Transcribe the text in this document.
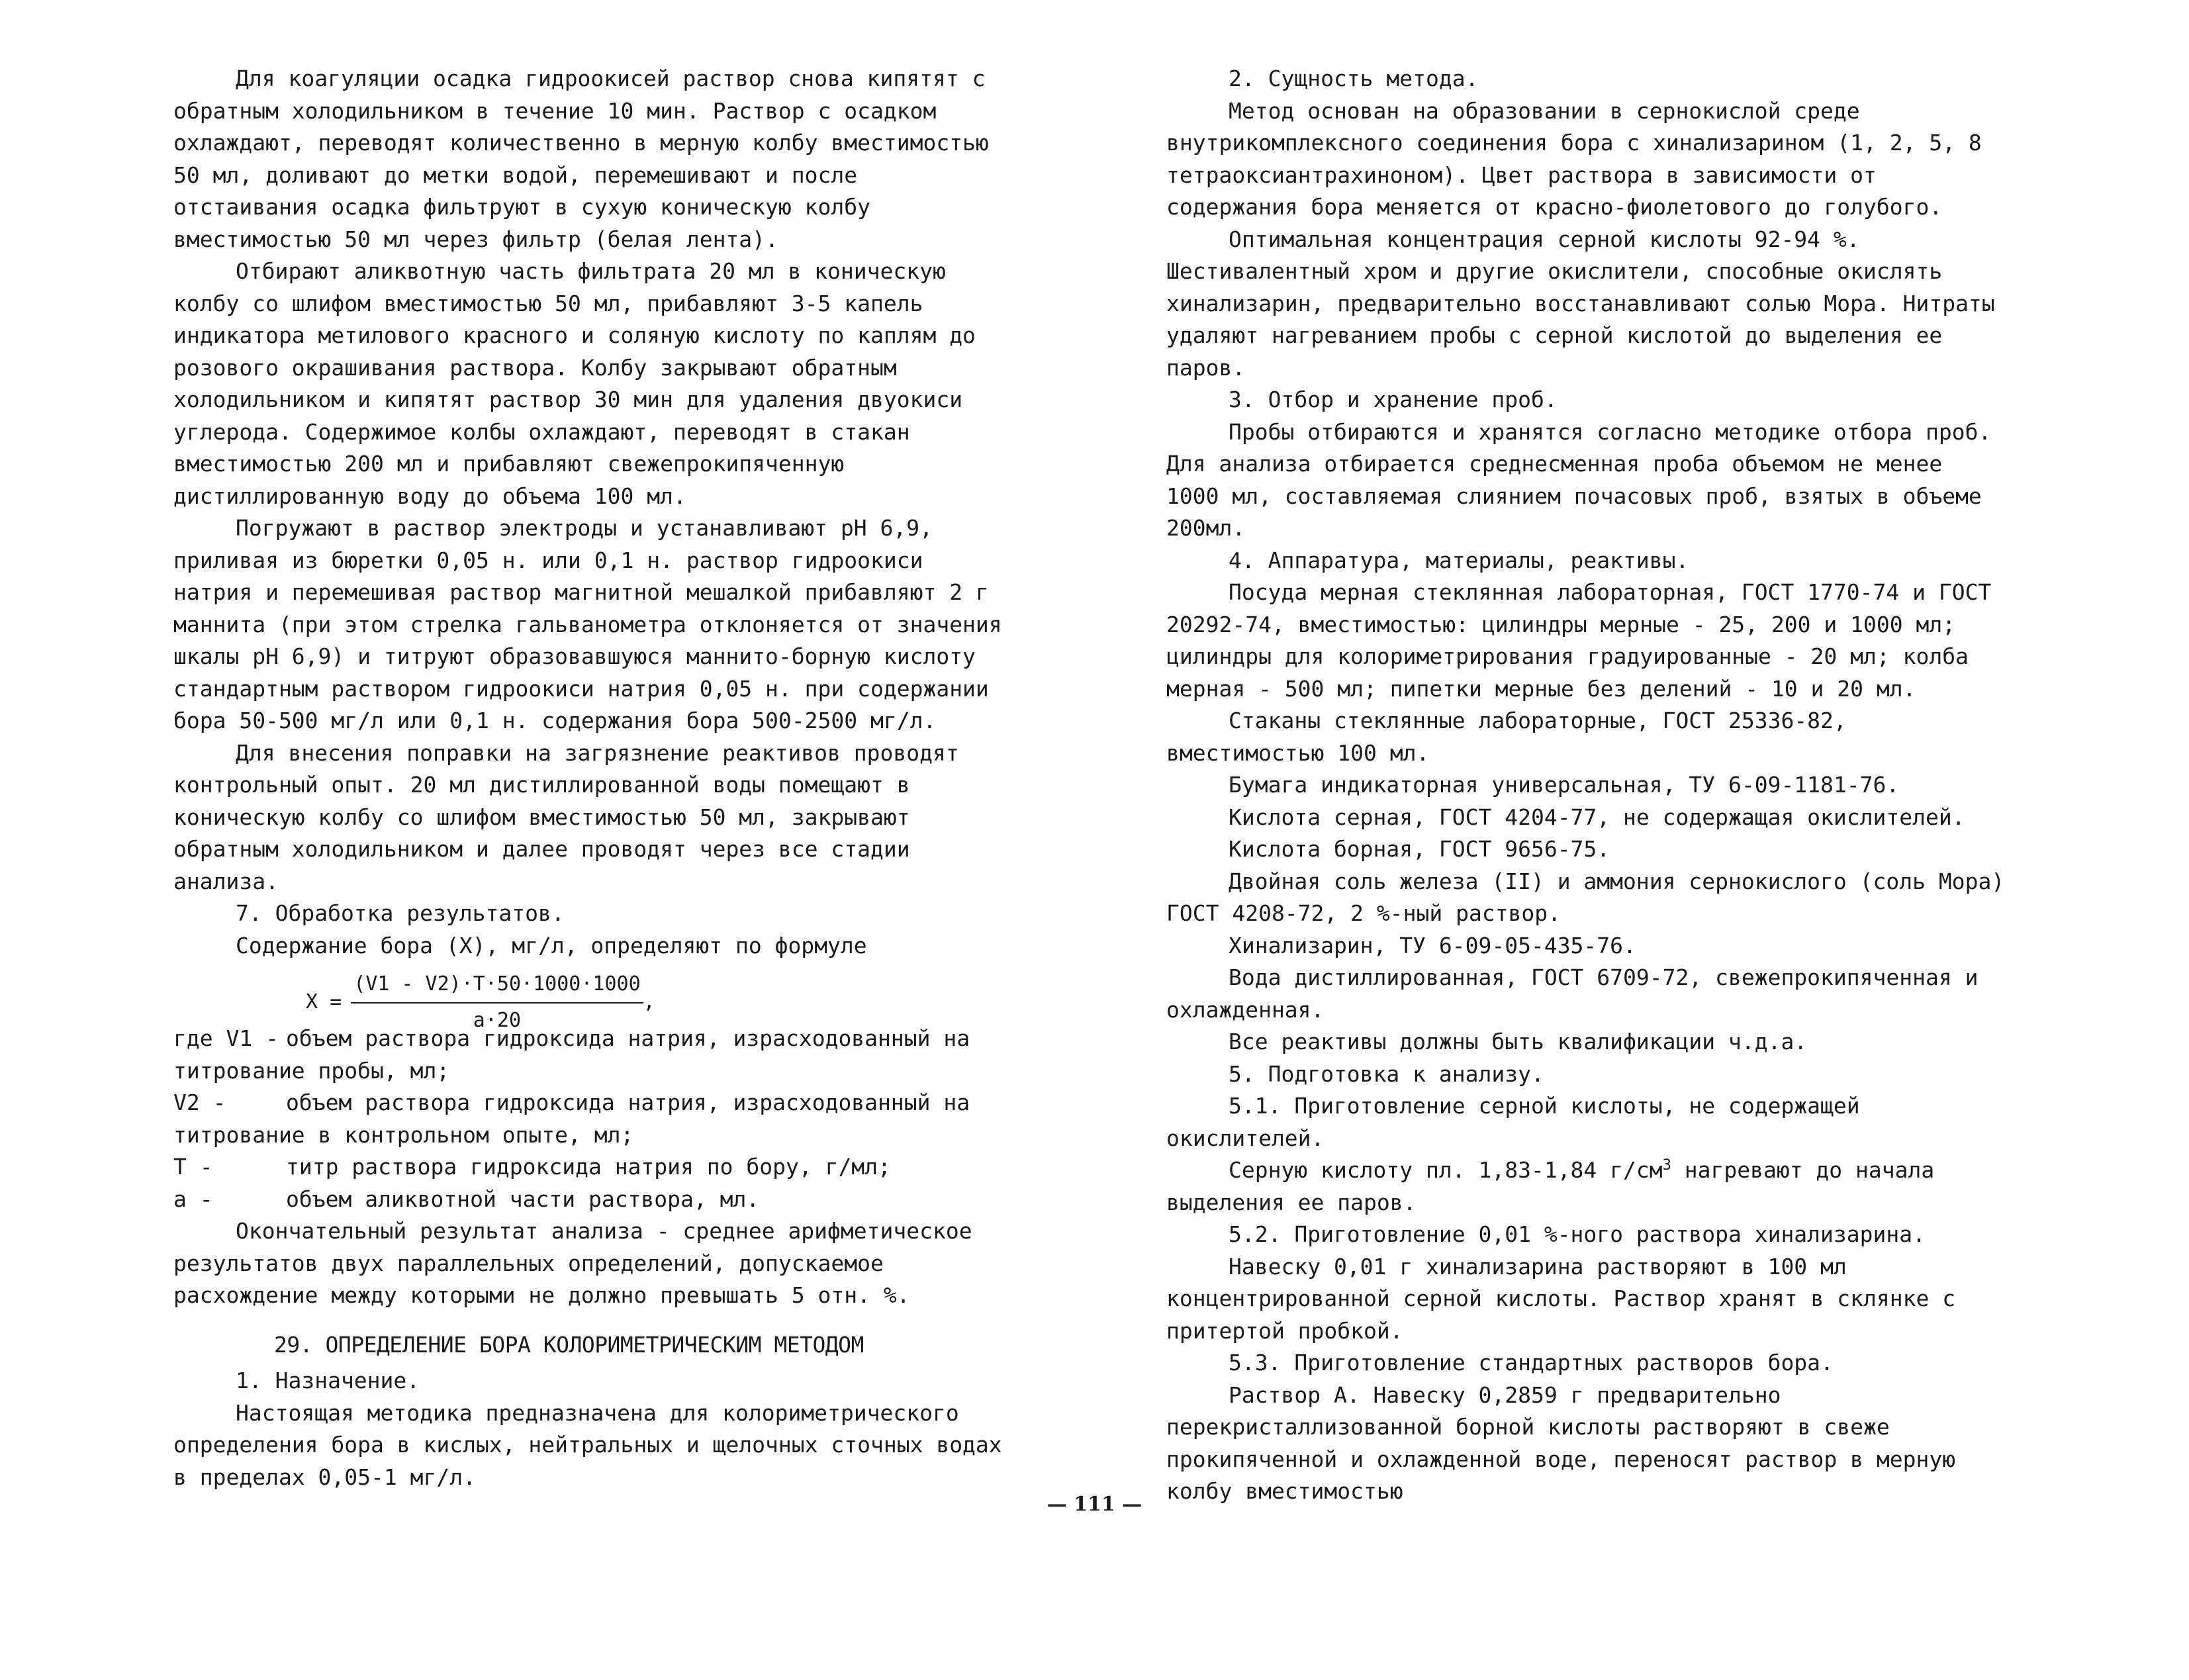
Для коагуляции осадка гидроокисей раствор снова кипятят с обратным холодильником в течение 10 мин. Раствор с осадком охлаждают, переводят количественно в мерную колбу вместимостью 50 мл, доливают до метки водой, перемешивают и после отстаивания осадка фильтруют в сухую коническую колбу вместимостью 50 мл через фильтр (белая лента).

Отбирают аликвотную часть фильтрата 20 мл в коническую колбу со шлифом вместимостью 50 мл, прибавляют 3-5 капель индикатора метилового красного и соляную кислоту по каплям до розового окрашивания раствора. Колбу закрывают обратным холодильником и кипятят раствор 30 мин для удаления двуокиси углерода. Содержимое колбы охлаждают, переводят в стакан вместимостью 200 мл и прибавляют свежепрокипяченную дистиллированную воду до объема 100 мл.

Погружают в раствор электроды и устанавливают pH 6,9, приливая из бюретки 0,05 н. или 0,1 н. раствор гидроокиси натрия и перемешивая раствор магнитной мешалкой прибавляют 2 г маннита (при этом стрелка гальванометра отклоняется от значения шкалы pH 6,9) и титруют образовавшуюся маннито-борную кислоту стандартным раствором гидроокиси натрия 0,05 н. при содержании бора 50-500 мг/л или 0,1 н. содержания бора 500-2500 мг/л.

Для внесения поправки на загрязнение реактивов проводят контрольный опыт. 20 мл дистиллированной воды помещают в коническую колбу со шлифом вместимостью 50 мл, закрывают обратным холодильником и далее проводят через все стадии анализа.

7. Обработка результатов.

Содержание бора (X), мг/л, определяют по формуле

$X = \frac{(V1 - V2)\cdot T\cdot 50\cdot 1000\cdot 1000}{a\cdot 20}$ ,
где V1 - объем раствора гидроксида натрия, израсходованный на
титрование пробы, мл;
V2 -	объем раствора гидроксида натрия, израсходованный на
титрование в контрольном опыте, мл;
T -	титр раствора гидроксида натрия по бору, г/мл;
a -	объем аликвотной части раствора, мл.

Окончательный результат анализа - среднее арифметическое результатов двух параллельных определений, допускаемое расхождение между которыми не должно превышать 5 отн. %.

29. ОПРЕДЕЛЕНИЕ БОРА КОЛОРИМЕТРИЧЕСКИМ МЕТОДОМ

1. Назначение.

Настоящая методика предназначена для колориметрического определения бора в кислых, нейтральных и щелочных сточных водах в пределах 0,05-1 мг/л.

2. Сущность метода.

Метод основан на образовании в сернокислой среде внутрикомплексного соединения бора с хинализарином (1, 2, 5, 8 тетраоксиантрахиноном). Цвет раствора в зависимости от содержания бора меняется от красно-фиолетового до голубого.

Оптимальная концентрация серной кислоты 92-94 %. Шестивалентный хром и другие окислители, способные окислять хинализарин, предварительно восстанавливают солью Мора. Нитраты удаляют нагреванием пробы с серной кислотой до выделения ее паров.

3. Отбор и хранение проб.

Пробы отбираются и хранятся согласно методике отбора проб. Для анализа отбирается среднесменная проба объемом не менее 1000 мл, составляемая слиянием почасовых проб, взятых в объеме 200мл.

4. Аппаратура, материалы, реактивы.

Посуда мерная стеклянная лабораторная, ГОСТ 1770-74 и ГОСТ 20292-74, вместимостью: цилиндры мерные - 25, 200 и 1000 мл; цилиндры для колориметрирования градуированные - 20 мл; колба мерная - 500 мл; пипетки мерные без делений - 10 и 20 мл.

Стаканы стеклянные лабораторные, ГОСТ 25336-82, вместимостью 100 мл.

Бумага индикаторная универсальная, ТУ 6-09-1181-76.

Кислота серная, ГОСТ 4204-77, не содержащая окислителей.

Кислота борная, ГОСТ 9656-75.

Двойная соль железа (II) и аммония сернокислого (соль Мора) ГОСТ 4208-72, 2 %-ный раствор.

Хинализарин, ТУ 6-09-05-435-76.

Вода дистиллированная, ГОСТ 6709-72, свежепрокипяченная и охлажденная.

Все реактивы должны быть квалификации ч.д.а.

5. Подготовка к анализу.

5.1. Приготовление серной кислоты, не содержащей окислителей.

Серную кислоту пл. 1,83-1,84 $г/см^3$ нагревают до начала выделения ее паров.

5.2. Приготовление 0,01 %-ного раствора хинализарина.

Навеску 0,01 г хинализарина растворяют в 100 мл концентрированной серной кислоты. Раствор хранят в склянке с притертой пробкой.

5.3. Приготовление стандартных растворов бора.

Раствор А. Навеску 0,2859 г предварительно перекристаллизованной борной кислоты растворяют в свеже прокипяченной и охлажденной воде, переносят раствор в мерную колбу вместимостью

— 111 —
